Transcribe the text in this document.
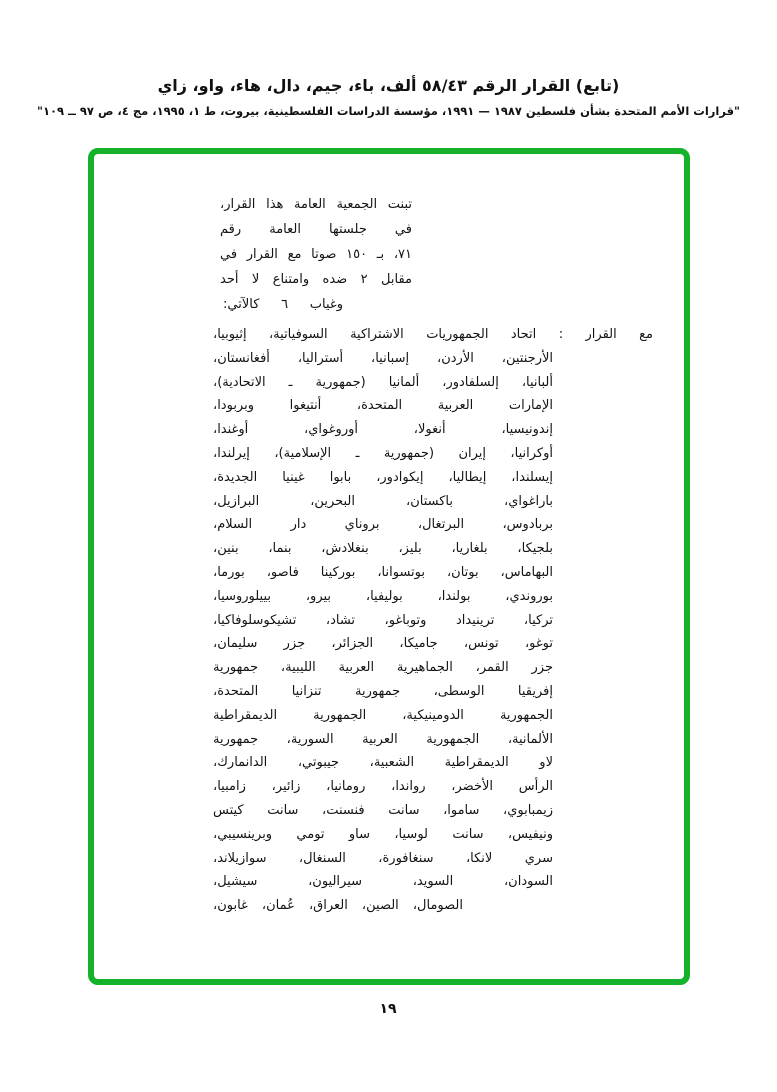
(تابع) القرار الرقم ٥٨/٤٣ ألف، باء، جيم، دال، هاء، واو، زاي
"قرارات الأمم المتحدة بشأن فلسطين ١٩٨٧ — ١٩٩١، مؤسسة الدراسات الفلسطينية، بيروت، ط ١، ١٩٩٥، مج ٤، ص ٩٧ ــ ١٠٩"
تبنت الجمعية العامة هذا القرار،
في جلستها العامة رقم
٧١، بـ ١٥٠ صوتا مع القرار في
مقابل ٢ ضده وامتناع لا أحد
وغياب ٦ كالآتي:
مع القرار : اتحاد الجمهوريات الاشتراكية السوفياتية، إثيوبيا،
الأرجنتين، الأردن، إسبانيا، أستراليا، أفغانستان،
ألبانيا، إلسلفادور، ألمانيا (جمهورية ـ الاتحادية)،
الإمارات العربية المتحدة، أنتيغوا وبربودا،
إندونيسيا، أنغولا، أوروغواي، أوغندا،
أوكرانيا، إيران (جمهورية ـ الإسلامية)، إيرلندا،
إيسلندا، إيطاليا، إيكوادور، بابوا غينيا الجديدة،
باراغواي، باكستان، البحرين، البرازيل،
بربادوس، البرتغال، بروناي دار السلام،
بلجيكا، بلغاريا، بليز، بنغلادش، بنما، بنين،
البهاماس، بوتان، بوتسوانا، بوركينا فاصو، بورما،
بوروندي، بولندا، بوليفيا، بيرو، بييلوروسيا،
تركيا، ترينيداد وتوباغو، تشاد، تشيكوسلوفاكيا،
توغو، تونس، جاميكا، الجزائر، جزر سليمان،
جزر القمر، الجماهيرية العربية الليبية، جمهورية
إفريقيا الوسطى، جمهورية تنزانيا المتحدة،
الجمهورية الدومينيكية، الجمهورية الديمقراطية
الألمانية، الجمهورية العربية السورية، جمهورية
لاو الديمقراطية الشعبية، جيبوتي، الدانمارك،
الرأس الأخضر، رواندا، رومانيا، زائير، زامبيا،
زيمبابوي، ساموا، سانت فنسنت، سانت كيتس
ونيفيس، سانت لوسيا، ساو تومي وبرينسيبي،
سري لانكا، سنغافورة، السنغال، سوازيلاند،
السودان، السويد، سيراليون، سيشيل،
الصومال، الصين، العراق، عُمان، غابون،
١٩
